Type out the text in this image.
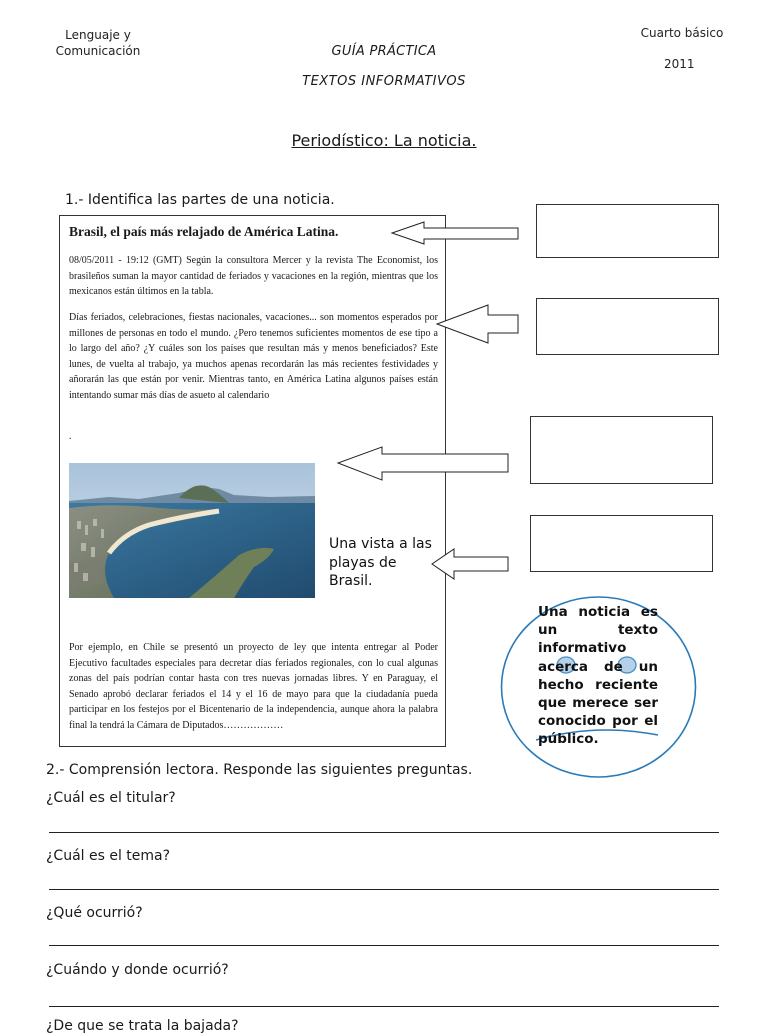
Lenguaje y Comunicación
Cuarto básico
2011
GUÍA PRÁCTICA
TEXTOS INFORMATIVOS
Periodístico: La noticia.
1.- Identifica las partes de una noticia.
Brasil, el país más relajado de América Latina.

08/05/2011 - 19:12 (GMT) Según la consultora Mercer y la revista The Economist, los brasileños suman la mayor cantidad de feriados y vacaciones en la región, mientras que los mexicanos están últimos en la tabla.

Días feriados, celebraciones, fiestas nacionales, vacaciones... son momentos esperados por millones de personas en todo el mundo. ¿Pero tenemos suficientes momentos de ese tipo a lo largo del año? ¿Y cuáles son los países que resultan más y menos beneficiados? Este lunes, de vuelta al trabajo, ya muchos apenas recordarán las más recientes festividades y añorarán las que están por venir. Mientras tanto, en América Latina algunos países están intentando sumar más días de asueto al calendario

.

Por ejemplo, en Chile se presentó un proyecto de ley que intenta entregar al Poder Ejecutivo facultades especiales para decretar días feriados regionales, con lo cual algunas zonas del país podrían contar hasta con tres nuevas jornadas libres. Y en Paraguay, el Senado aprobó declarar feriados el 14 y el 16 de mayo para que la ciudadanía pueda participar en los festejos por el Bicentenario de la independencia, aunque ahora la palabra final la tendrá la Cámara de Diputados………………

Una vista a las playas de Brasil.
Una noticia es un texto informativo acerca de un hecho reciente que merece ser conocido por el público.
2.- Comprensión lectora. Responde las siguientes preguntas.
¿Cuál es el titular?
¿Cuál es el tema?
¿Qué ocurrió?
¿Cuándo y donde ocurrió?
¿De que se trata la bajada?
